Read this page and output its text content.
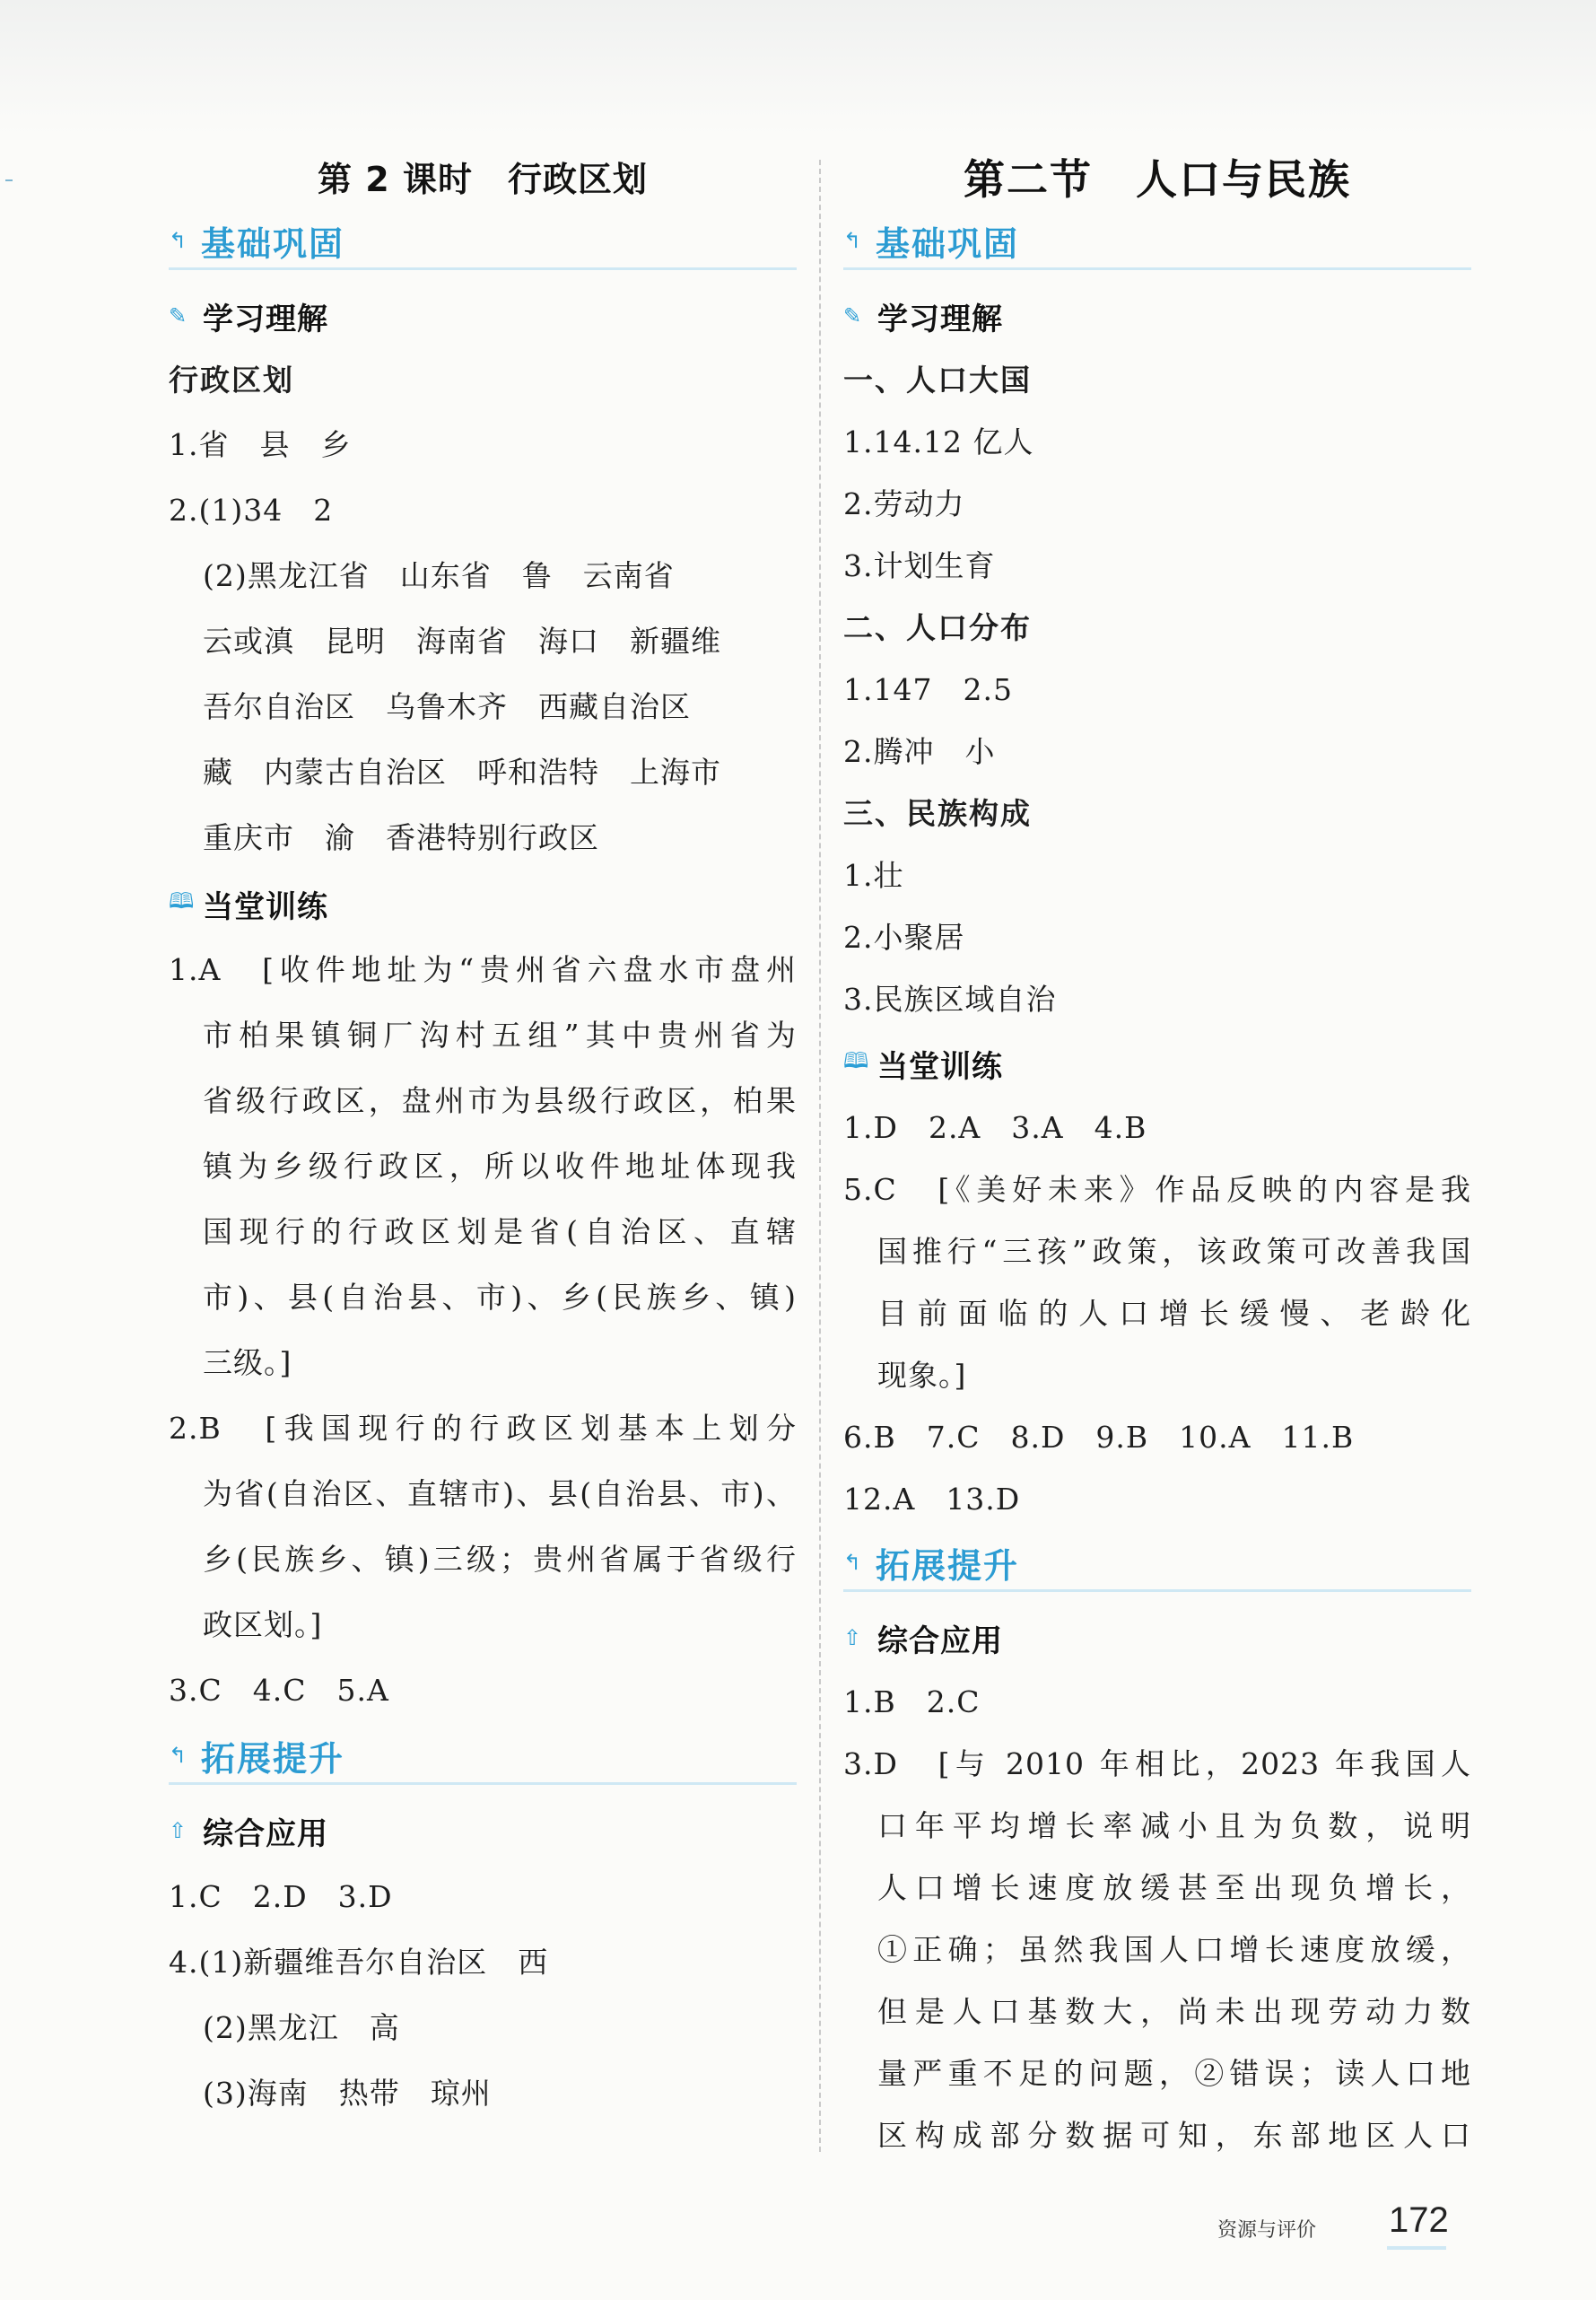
第 2 课时　行政区划
↰ 基础巩固
✎ 学习理解
行政区划
1.省　县　乡
2.(1)34　2
(2)黑龙江省　山东省　鲁　云南省
云或滇　昆明　海南省　海口　新疆维
吾尔自治区　乌鲁木齐　西藏自治区
藏　内蒙古自治区　呼和浩特　上海市
重庆市　渝　香港特别行政区
🕮 当堂训练
1.A　[收件地址为“贵州省六盘水市盘州
市柏果镇铜厂沟村五组”其中贵州省为
省级行政区，盘州市为县级行政区，柏果
镇为乡级行政区，所以收件地址体现我
国现行的行政区划是省(自治区、直辖
市)、县(自治县、市)、乡(民族乡、镇)
三级。]
2.B　[我国现行的行政区划基本上划分
为省(自治区、直辖市)、县(自治县、市)、
乡(民族乡、镇)三级；贵州省属于省级行
政区划。]
3.C　4.C　5.A
↰ 拓展提升
⇧ 综合应用
1.C　2.D　3.D
4.(1)新疆维吾尔自治区　西
(2)黑龙江　高
(3)海南　热带　琼州
第二节　人口与民族
↰ 基础巩固
✎ 学习理解
一、人口大国
1.14.12 亿人
2.劳动力
3.计划生育
二、人口分布
1.147　2.5
2.腾冲　小
三、民族构成
1.壮
2.小聚居
3.民族区域自治
🕮 当堂训练
1.D　2.A　3.A　4.B
5.C　[《美好未来》作品反映的内容是我
国推行“三孩”政策，该政策可改善我国
目前面临的人口增长缓慢、老龄化
现象。]
6.B　7.C　8.D　9.B　10.A　11.B
12.A　13.D
↰ 拓展提升
⇧ 综合应用
1.B　2.C
3.D　[与 2010 年相比，2023 年我国人
口年平均增长率减小且为负数，说明
人口增长速度放缓甚至出现负增长，
①正确；虽然我国人口增长速度放缓，
但是人口基数大，尚未出现劳动力数
量严重不足的问题，②错误；读人口地
区构成部分数据可知，东部地区人口
资源与评价 172
